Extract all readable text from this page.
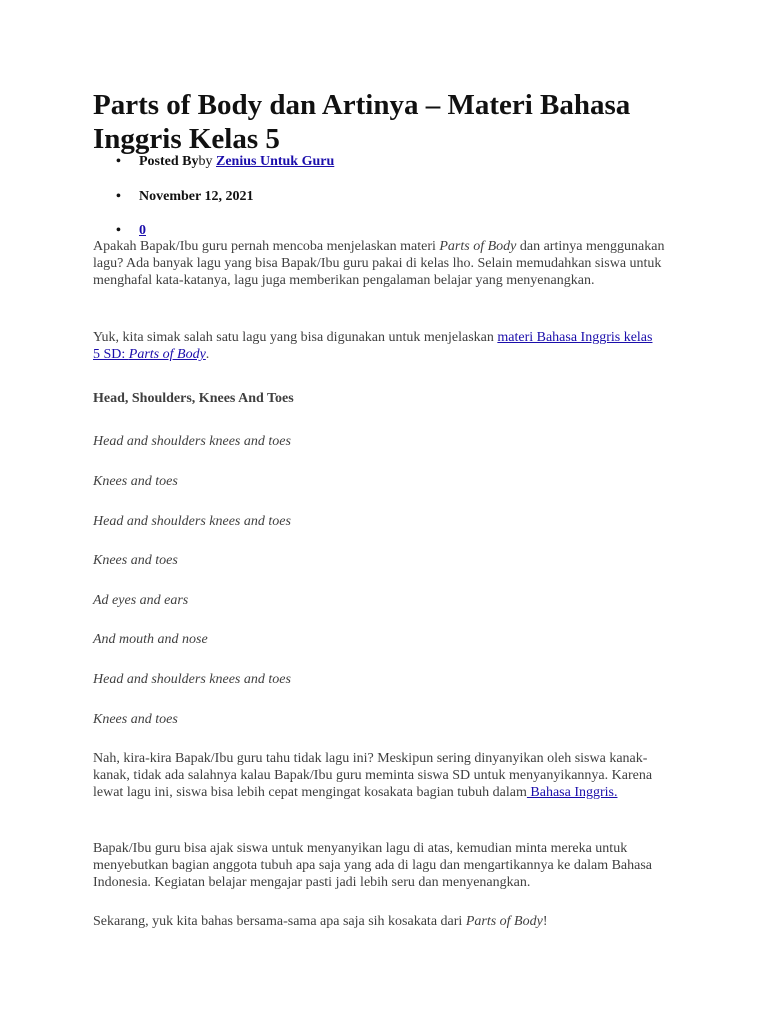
Parts of Body dan Artinya – Materi Bahasa Inggris Kelas 5
• Posted Byby Zenius Untuk Guru
• November 12, 2021
• 0

Apakah Bapak/Ibu guru pernah mencoba menjelaskan materi Parts of Body dan artinya menggunakan lagu? Ada banyak lagu yang bisa Bapak/Ibu guru pakai di kelas lho. Selain memudahkan siswa untuk menghafal kata-katanya, lagu juga memberikan pengalaman belajar yang menyenangkan.

Yuk, kita simak salah satu lagu yang bisa digunakan untuk menjelaskan materi Bahasa Inggris kelas 5 SD: Parts of Body.

Head, Shoulders, Knees And Toes

Head and shoulders knees and toes

Knees and toes

Head and shoulders knees and toes

Knees and toes

Ad eyes and ears

And mouth and nose

Head and shoulders knees and toes

Knees and toes

Nah, kira-kira Bapak/Ibu guru tahu tidak lagu ini? Meskipun sering dinyanyikan oleh siswa kanak-kanak, tidak ada salahnya kalau Bapak/Ibu guru meminta siswa SD untuk menyanyikannya. Karena lewat lagu ini, siswa bisa lebih cepat mengingat kosakata bagian tubuh dalam Bahasa Inggris.

Bapak/Ibu guru bisa ajak siswa untuk menyanyikan lagu di atas, kemudian minta mereka untuk menyebutkan bagian anggota tubuh apa saja yang ada di lagu dan mengartikannya ke dalam Bahasa Indonesia. Kegiatan belajar mengajar pasti jadi lebih seru dan menyenangkan.

Sekarang, yuk kita bahas bersama-sama apa saja sih kosakata dari Parts of Body!
